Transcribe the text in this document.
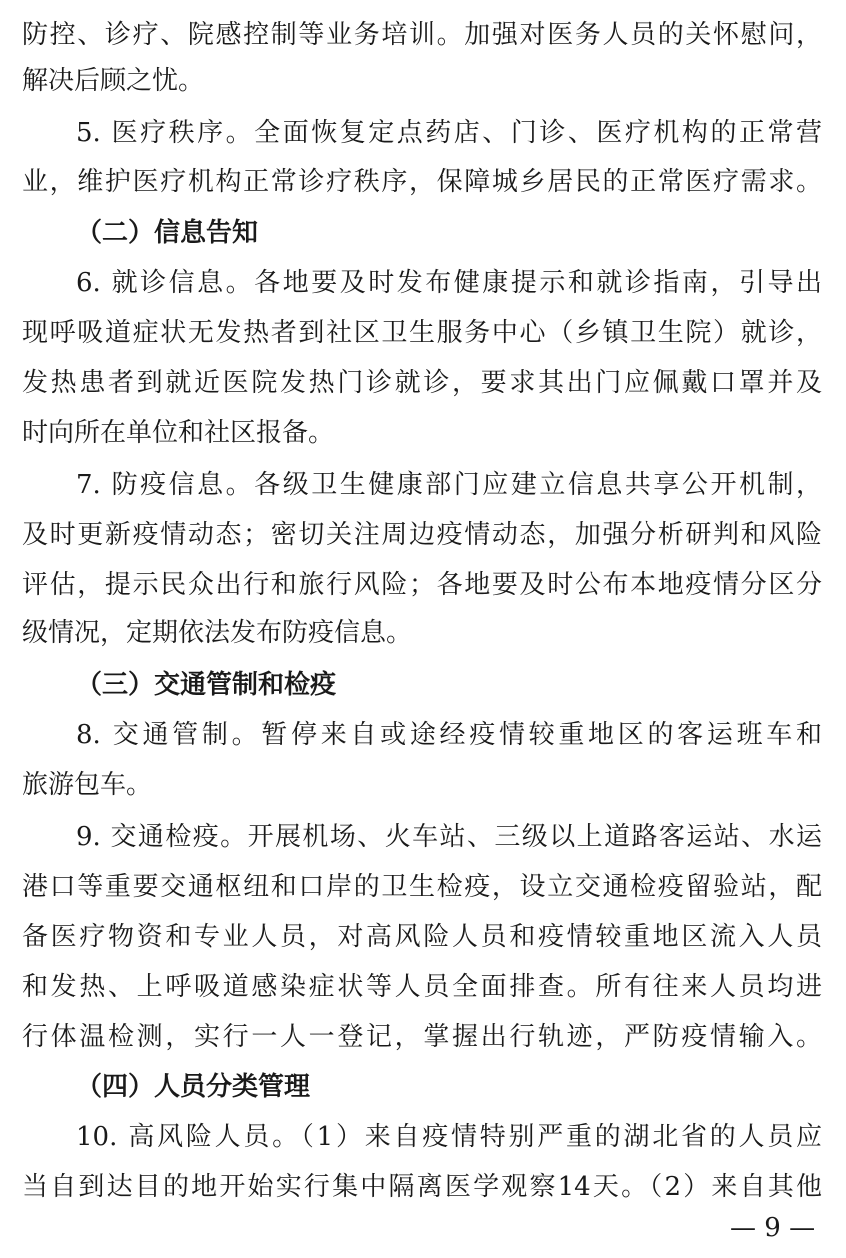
防控、诊疗、院感控制等业务培训。加强对医务人员的关怀慰问，
解决后顾之忧。
5. 医疗秩序。全面恢复定点药店、门诊、医疗机构的正常营
业，维护医疗机构正常诊疗秩序，保障城乡居民的正常医疗需求。
（二）信息告知
6. 就诊信息。各地要及时发布健康提示和就诊指南，引导出
现呼吸道症状无发热者到社区卫生服务中心（乡镇卫生院）就诊，
发热患者到就近医院发热门诊就诊，要求其出门应佩戴口罩并及
时向所在单位和社区报备。
7. 防疫信息。各级卫生健康部门应建立信息共享公开机制，
及时更新疫情动态；密切关注周边疫情动态，加强分析研判和风险
评估，提示民众出行和旅行风险；各地要及时公布本地疫情分区分
级情况，定期依法发布防疫信息。
（三）交通管制和检疫
8. 交通管制。暂停来自或途经疫情较重地区的客运班车和
旅游包车。
9. 交通检疫。开展机场、火车站、三级以上道路客运站、水运
港口等重要交通枢纽和口岸的卫生检疫，设立交通检疫留验站，配
备医疗物资和专业人员，对高风险人员和疫情较重地区流入人员
和发热、上呼吸道感染症状等人员全面排查。所有往来人员均进
行体温检测，实行一人一登记，掌握出行轨迹，严防疫情输入。
（四）人员分类管理
10. 高风险人员。（1）来自疫情特别严重的湖北省的人员应
当自到达目的地开始实行集中隔离医学观察14天。（2）来自其他
— 9 —
